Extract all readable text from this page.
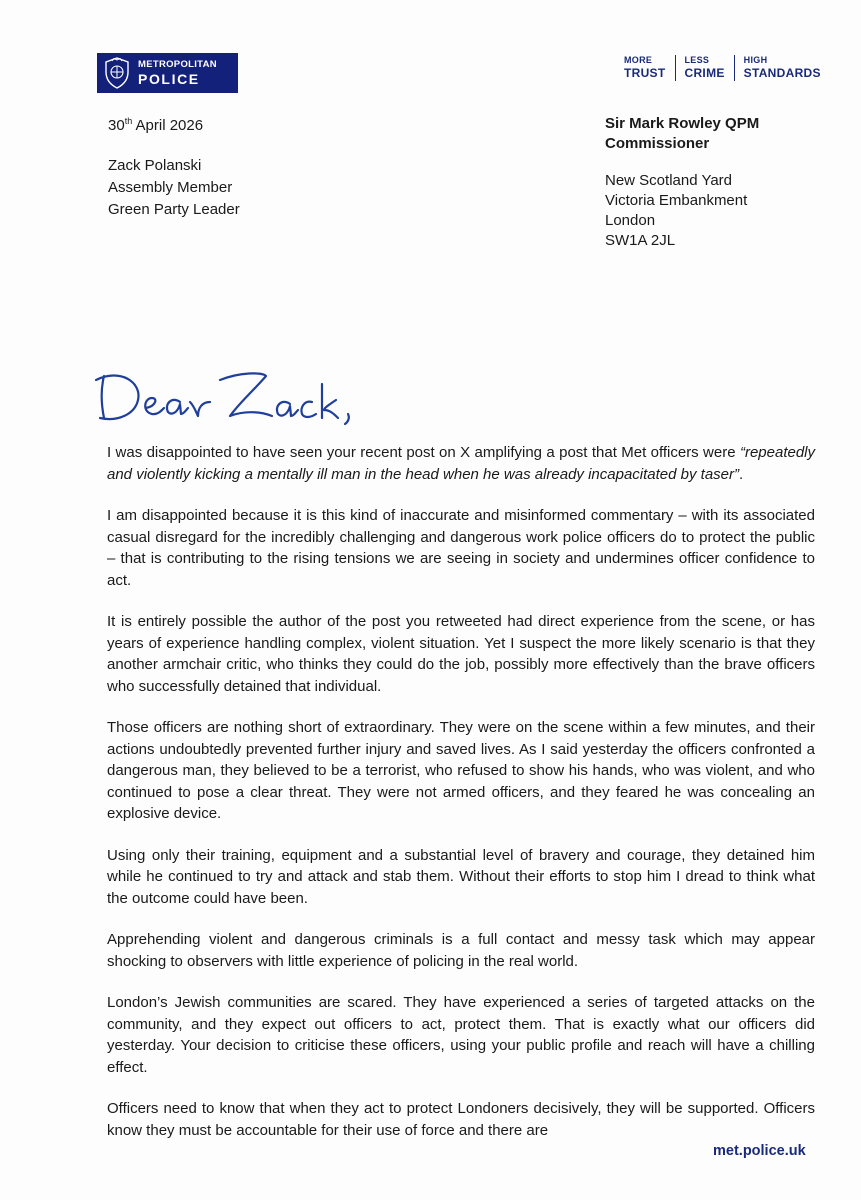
METROPOLITAN
POLICE
MORE
TRUST
LESS
CRIME
HIGH
STANDARDS
30th April 2026
Zack Polanski
Assembly Member
Green Party Leader
Sir Mark Rowley QPM
Commissioner
New Scotland Yard
Victoria Embankment
London
SW1A 2JL

I was disappointed to have seen your recent post on X amplifying a post that Met officers were “repeatedly and violently kicking a mentally ill man in the head when he was already incapacitated by taser”.

I am disappointed because it is this kind of inaccurate and misinformed commentary – with its associated casual disregard for the incredibly challenging and dangerous work police officers do to protect the public – that is contributing to the rising tensions we are seeing in society and undermines officer confidence to act.

It is entirely possible the author of the post you retweeted had direct experience from the scene, or has years of experience handling complex, violent situation. Yet I suspect the more likely scenario is that they another armchair critic, who thinks they could do the job, possibly more effectively than the brave officers who successfully detained that individual.

Those officers are nothing short of extraordinary. They were on the scene within a few minutes, and their actions undoubtedly prevented further injury and saved lives. As I said yesterday the officers confronted a dangerous man, they believed to be a terrorist, who refused to show his hands, who was violent, and who continued to pose a clear threat. They were not armed officers, and they feared he was concealing an explosive device.

Using only their training, equipment and a substantial level of bravery and courage, they detained him while he continued to try and attack and stab them. Without their efforts to stop him I dread to think what the outcome could have been.

Apprehending violent and dangerous criminals is a full contact and messy task which may appear shocking to observers with little experience of policing in the real world.

London’s Jewish communities are scared. They have experienced a series of targeted attacks on the community, and they expect out officers to act, protect them. That is exactly what our officers did yesterday. Your decision to criticise these officers, using your public profile and reach will have a chilling effect.

Officers need to know that when they act to protect Londoners decisively, they will be supported. Officers know they must be accountable for their use of force and there are

met.police.uk
